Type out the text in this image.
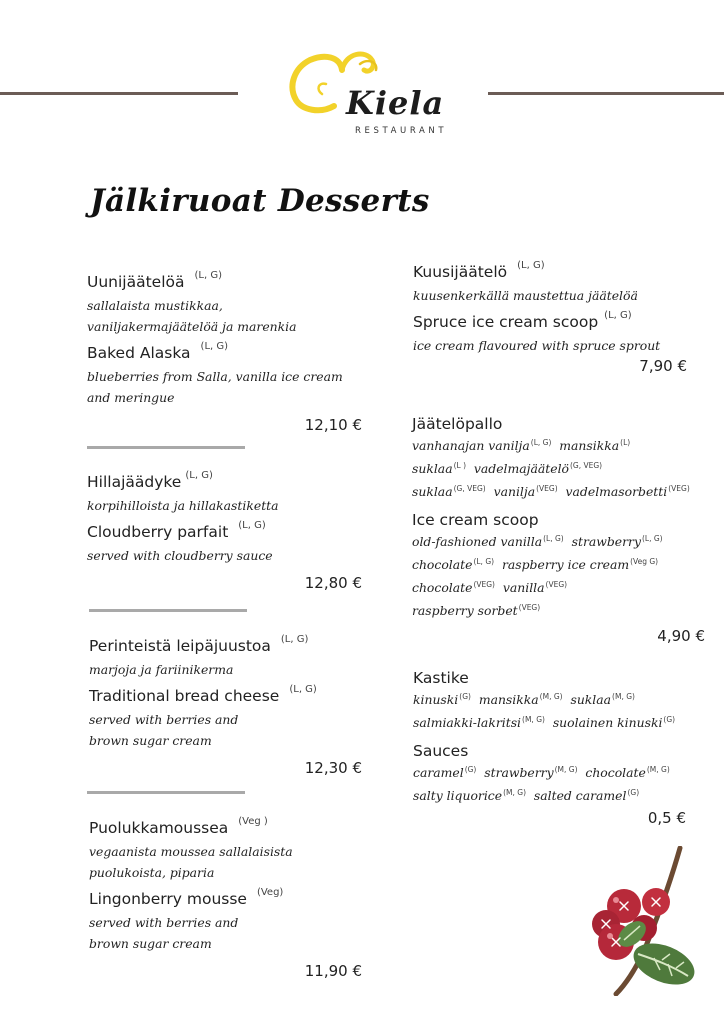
Kiela
RESTAURANT
Jälkiruoat Desserts
Uunijäätelöä $^{(L, G)}$
sallalaista mustikkaa,
vaniljakermajäätelöä ja marenkia
Baked Alaska $^{(L, G)}$
blueberries from Salla, vanilla ice cream
and meringue
12,10 €
Hillajäädyke $^{(L, G)}$
korpihilloista ja hillakastiketta
Cloudberry parfait $^{(L, G)}$
served with cloudberry sauce
12,80 €
Perinteistä leipäjuustoa $^{(L, G)}$
marjoja ja fariinikerma
Traditional bread cheese $^{(L, G)}$
served with berries and
brown sugar cream
12,30 €
Puolukkamoussea $^{(Veg )}$
vegaanista moussea sallalaisista
puolukoista, piparia
Lingonberry mousse $^{(Veg)}$
served with berries and
brown sugar cream
11,90 €
Kuusijäätelö $^{(L, G)}$
kuusenkerkällä maustettua jäätelöä
Spruce ice cream scoop $^{(L, G)}$
ice cream flavoured with spruce sprout
7,90 €
Jäätelöpallo
vanhanajan vanilja$^{(L, G)}$  mansikka$^{(L)}$
suklaa$^{(L )}$  vadelmajäätelö$^{(G, VEG)}$
suklaa$^{(G, VEG)}$  vanilja$^{(VEG)}$  vadelmasorbetti$^{(VEG)}$
Ice cream scoop
old-fashioned vanilla$^{(L, G)}$  strawberry$^{(L, G)}$
chocolate$^{(L, G)}$  raspberry ice cream$^{(Veg G)}$
chocolate$^{(VEG)}$  vanilla$^{(VEG)}$
raspberry sorbet$^{(VEG)}$
4,90 €
Kastike
kinuski$^{(G)}$  mansikka$^{(M, G)}$  suklaa$^{(M, G)}$
salmiakki-lakritsi$^{(M, G)}$  suolainen kinuski$^{(G)}$
Sauces
caramel$^{(G)}$  strawberry$^{(M, G)}$  chocolate$^{(M, G)}$
salty liquorice$^{(M, G)}$  salted caramel$^{(G)}$
0,5 €
